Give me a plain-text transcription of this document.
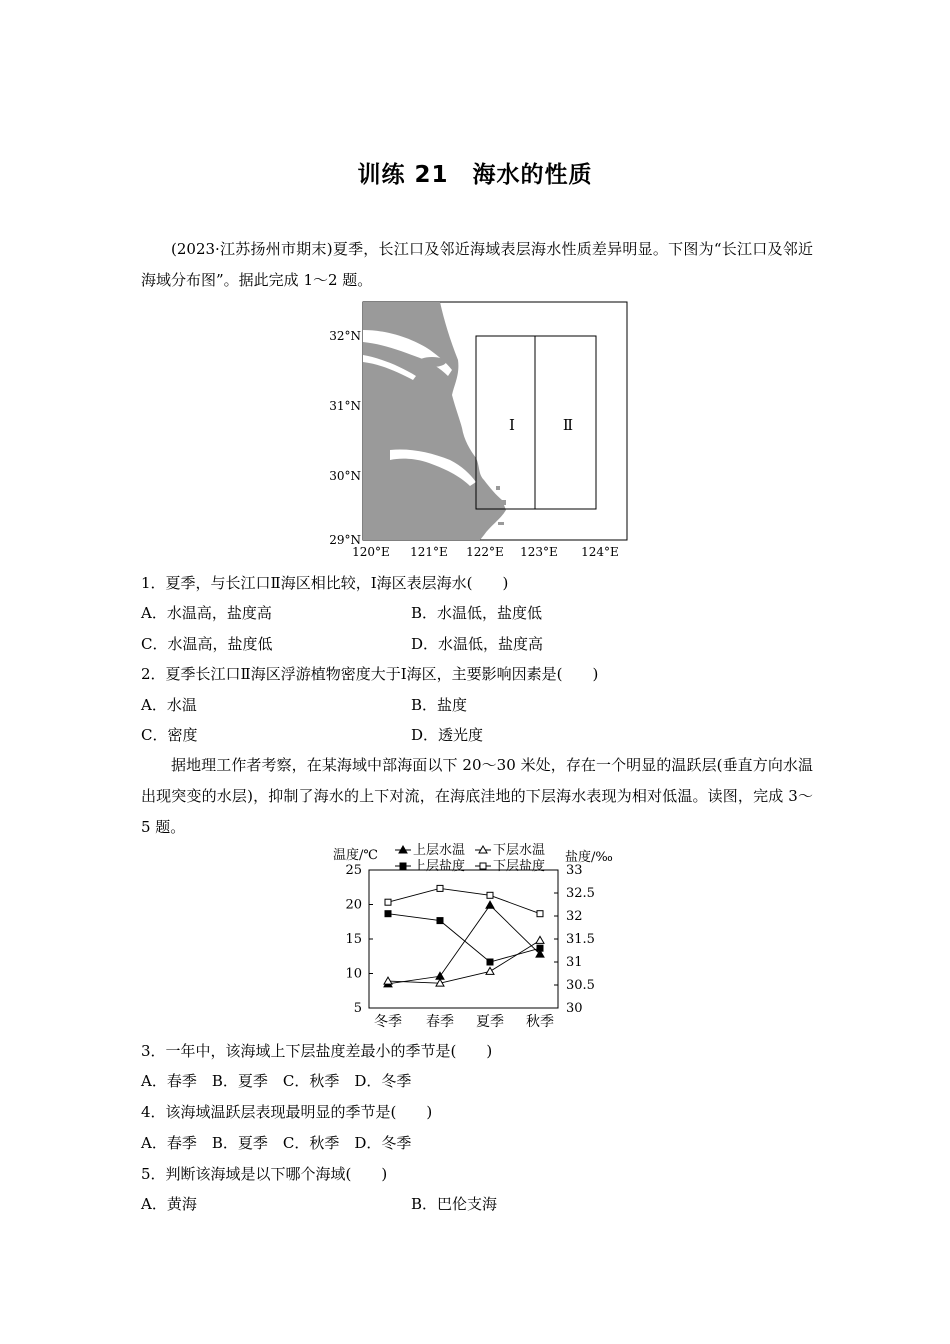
训练 21　海水的性质
(2023·江苏扬州市期末)夏季，长江口及邻近海域表层海水性质差异明显。下图为“长江口及邻近海域分布图”。据此完成 1～2 题。
Ⅰ	Ⅱ
32°N
31°N
30°N
29°N
120°E 121°E 122°E 123°E 124°E
1．夏季，与长江口Ⅱ海区相比较，Ⅰ海区表层海水(　　)
A．水温高，盐度高	B．水温低，盐度低
C．水温高，盐度低	D．水温低，盐度高
2．夏季长江口Ⅱ海区浮游植物密度大于Ⅰ海区，主要影响因素是(　　)
A．水温	B．盐度
C．密度	D．透光度
据地理工作者考察，在某海域中部海面以下 20～30 米处，存在一个明显的温跃层(垂直方向水温出现突变的水层)，抑制了海水的上下对流，在海底洼地的下层海水表现为相对低温。读图，完成 3～5 题。
温度/℃	盐度/‰
上层水温 下层水温
上层盐度 下层盐度
5
10
15
20
25
30
30.5
31
31.5
32
32.5
33
冬季 春季 夏季 秋季
3．一年中，该海域上下层盐度差最小的季节是(　　)
A．春季　B．夏季　C．秋季　D．冬季
4．该海域温跃层表现最明显的季节是(　　)
A．春季　B．夏季　C．秋季　D．冬季
5．判断该海域是以下哪个海域(　　)
A．黄海	B．巴伦支海
